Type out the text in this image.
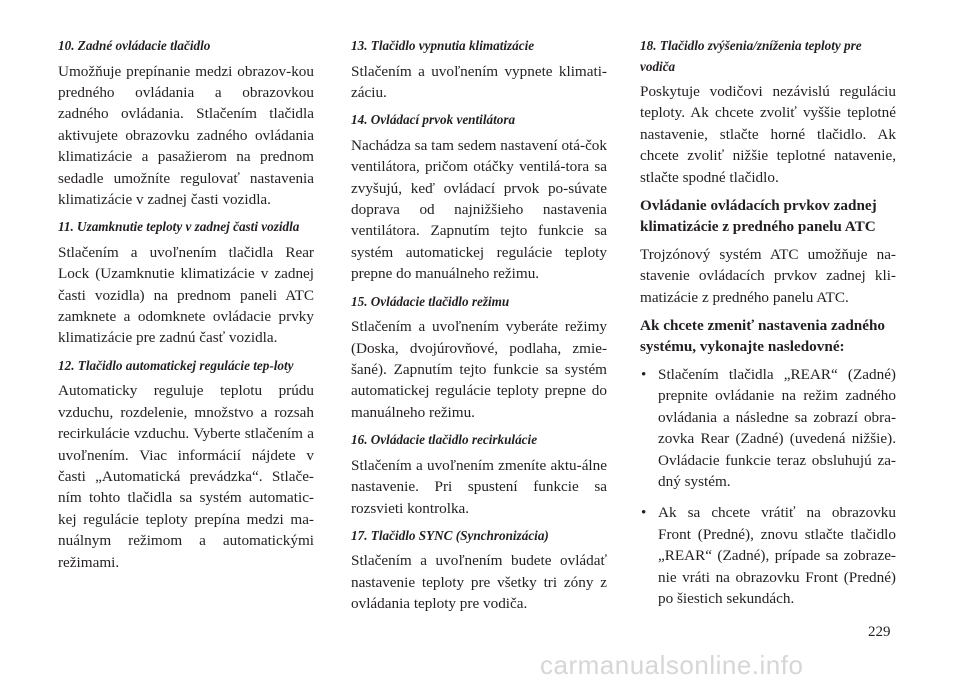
10. Zadné ovládacie tlačidlo
Umožňuje prepínanie medzi obrazov-kou predného ovládania a obrazovkou zadného ovládania. Stlačením tlačidla aktivujete obrazovku zadného ovládania klimatizácie a pasažierom na prednom sedadle umožníte regulovať nastavenia klimatizácie v zadnej časti vozidla.
11. Uzamknutie teploty v zadnej časti vozidla
Stlačením a uvoľnením tlačidla Rear Lock (Uzamknutie klimatizácie v zadnej časti vozidla) na prednom paneli ATC zamknete a odomknete ovládacie prvky klimatizácie pre zadnú časť vozidla.
12. Tlačidlo automatickej regulácie tep-loty
Automaticky reguluje teplotu prúdu vzduchu, rozdelenie, množstvo a rozsah recirkulácie vzduchu. Vyberte stlačením a uvoľnením. Viac informácií nájdete v časti „Automatická prevádzka“. Stlače-ním tohto tlačidla sa systém automatic-kej regulácie teploty prepína medzi ma-nuálnym režimom a automatickými režimami.
13. Tlačidlo vypnutia klimatizácie
Stlačením a uvoľnením vypnete klimati-záciu.
14. Ovládací prvok ventilátora
Nachádza sa tam sedem nastavení otá-čok ventilátora, pričom otáčky ventilá-tora sa zvyšujú, keď ovládací prvok po-súvate doprava od najnižšieho nastavenia ventilátora. Zapnutím tejto funkcie sa systém automatickej regulácie teploty prepne do manuálneho režimu.
15. Ovládacie tlačidlo režimu
Stlačením a uvoľnením vyberáte režimy (Doska, dvojúrovňové, podlaha, zmie-šané). Zapnutím tejto funkcie sa systém automatickej regulácie teploty prepne do manuálneho režimu.
16. Ovládacie tlačidlo recirkulácie
Stlačením a uvoľnením zmeníte aktu-álne nastavenie. Pri spustení funkcie sa rozsvieti kontrolka.
17. Tlačidlo SYNC (Synchronizácia)
Stlačením a uvoľnením budete ovládať nastavenie teploty pre všetky tri zóny z ovládania teploty pre vodiča.
18. Tlačidlo zvýšenia/zníženia teploty pre vodiča
Poskytuje vodičovi nezávislú reguláciu teploty. Ak chcete zvoliť vyššie teplotné nastavenie, stlačte horné tlačidlo. Ak chcete zvoliť nižšie teplotné natavenie, stlačte spodné tlačidlo.
Ovládanie ovládacích prvkov zadnej klimatizácie z predného panelu ATC
Trojzónový systém ATC umožňuje na-stavenie ovládacích prvkov zadnej kli-matizácie z predného panelu ATC.
Ak chcete zmeniť nastavenia zadného systému, vykonajte nasledovné:
• Stlačením tlačidla „REAR“ (Zadné) prepnite ovládanie na režim zadného ovládania a následne sa zobrazí obra-zovka Rear (Zadné) (uvedená nižšie). Ovládacie funkcie teraz obsluhujú za-dný systém.
• Ak sa chcete vrátiť na obrazovku Front (Predné), znovu stlačte tlačidlo „REAR“ (Zadné), prípade sa zobraze-nie vráti na obrazovku Front (Predné) po šiestich sekundách.
229
carmanualsonline.info
